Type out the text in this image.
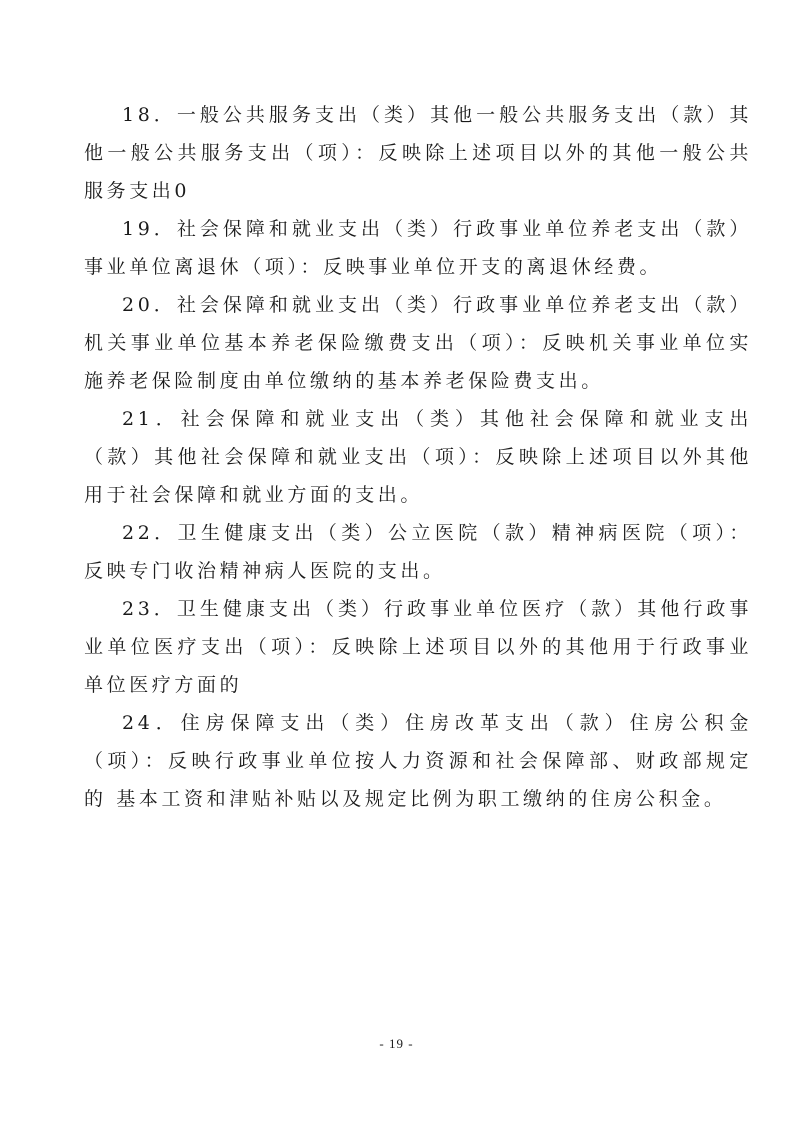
18．一般公共服务支出（类）其他一般公共服务支出（款）其他一般公共服务支出（项）：反映除上述项目以外的其他一般公共服务支出0

19．社会保障和就业支出（类）行政事业单位养老支出（款）事业单位离退休（项）：反映事业单位开支的离退休经费。

20．社会保障和就业支出（类）行政事业单位养老支出（款）机关事业单位基本养老保险缴费支出（项）：反映机关事业单位实施养老保险制度由单位缴纳的基本养老保险费支出。

21．社会保障和就业支出（类）其他社会保障和就业支出（款）其他社会保障和就业支出（项）：反映除上述项目以外其他用于社会保障和就业方面的支出。

22．卫生健康支出（类）公立医院（款）精神病医院（项）：反映专门收治精神病人医院的支出。

23．卫生健康支出（类）行政事业单位医疗（款）其他行政事业单位医疗支出（项）：反映除上述项目以外的其他用于行政事业单位医疗方面的

24．住房保障支出（类）住房改革支出（款）住房公积金（项）：反映行政事业单位按人力资源和社会保障部、财政部规定的 基本工资和津贴补贴以及规定比例为职工缴纳的住房公积金。

- 19 -
